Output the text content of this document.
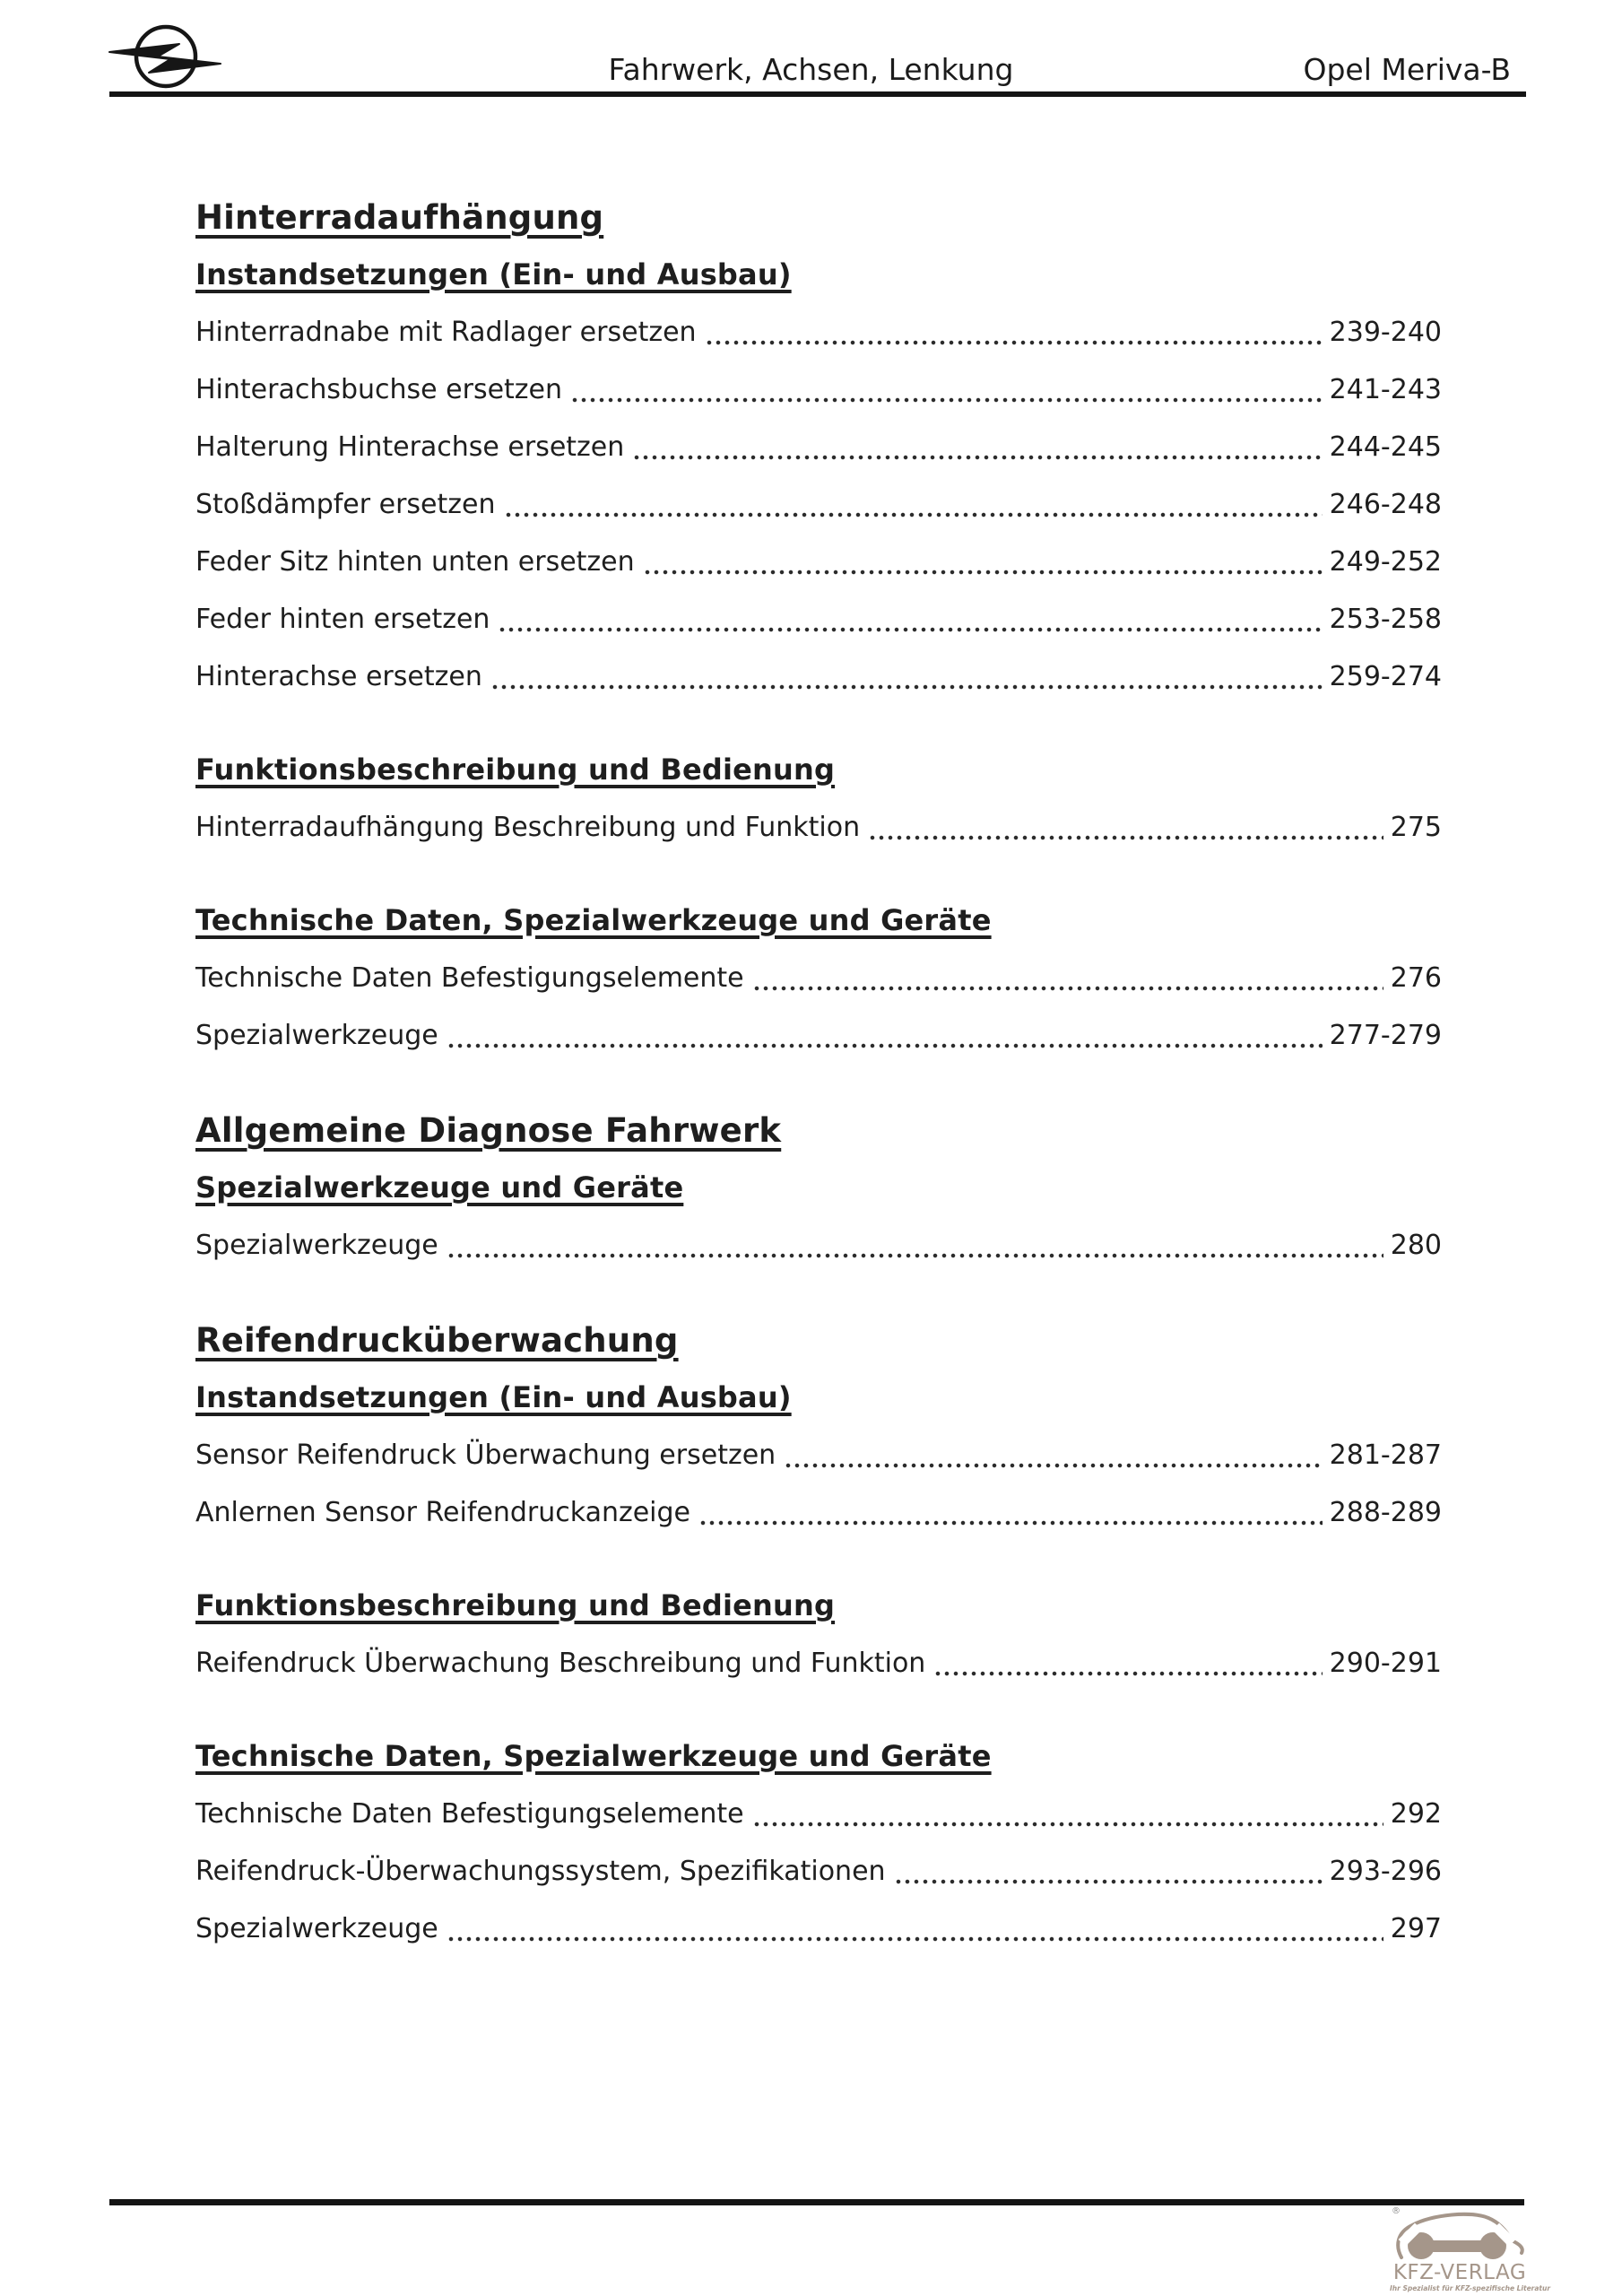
Fahrwerk, Achsen, Lenkung	Opel Meriva-B
Hinterradaufhängung
Instandsetzungen (Ein- und Ausbau)
Hinterradnabe mit Radlager ersetzen	239-240
Hinterachsbuchse ersetzen	241-243
Halterung Hinterachse ersetzen	244-245
Stoßdämpfer ersetzen	246-248
Feder Sitz hinten unten ersetzen	249-252
Feder hinten ersetzen	253-258
Hinterachse ersetzen	259-274
Funktionsbeschreibung und Bedienung
Hinterradaufhängung Beschreibung und Funktion	275
Technische Daten, Spezialwerkzeuge und Geräte
Technische Daten Befestigungselemente	276
Spezialwerkzeuge	277-279
Allgemeine Diagnose Fahrwerk
Spezialwerkzeuge und Geräte
Spezialwerkzeuge	280
Reifendrucküberwachung
Instandsetzungen (Ein- und Ausbau)
Sensor Reifendruck Überwachung ersetzen	281-287
Anlernen Sensor Reifendruckanzeige	288-289
Funktionsbeschreibung und Bedienung
Reifendruck Überwachung Beschreibung und Funktion	290-291
Technische Daten, Spezialwerkzeuge und Geräte
Technische Daten Befestigungselemente	292
Reifendruck-Überwachungssystem, Spezifikationen	293-296
Spezialwerkzeuge	297
®
KFZ-VERLAG
Ihr Spezialist für KFZ-spezifische Literatur
